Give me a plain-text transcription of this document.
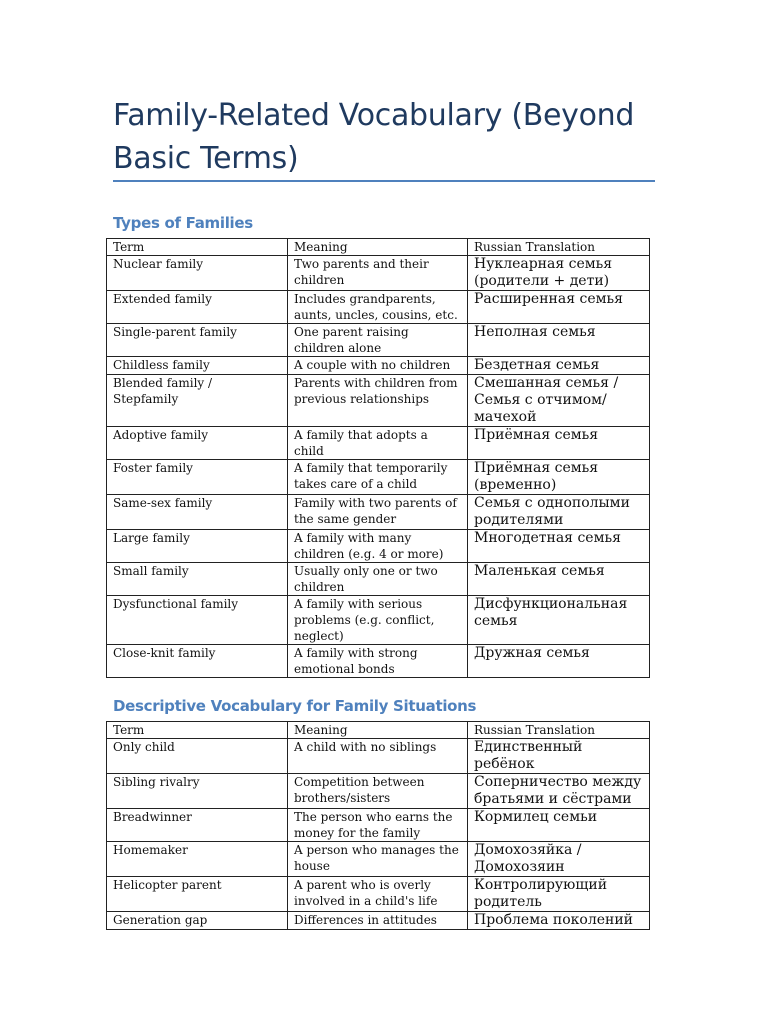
Family-Related Vocabulary (Beyond Basic Terms)
Types of Families
Term	Meaning	Russian Translation
Nuclear family	Two parents and their children	Нуклеарная семья (родители + дети)
Extended family	Includes grandparents, aunts, uncles, cousins, etc.	Расширенная семья
Single-parent family	One parent raising children alone	Неполная семья
Childless family	A couple with no children	Бездетная семья
Blended family / Stepfamily	Parents with children from previous relationships	Смешанная семья / Семья с отчимом/мачехой
Adoptive family	A family that adopts a child	Приёмная семья
Foster family	A family that temporarily takes care of a child	Приёмная семья (временно)
Same-sex family	Family with two parents of the same gender	Семья с однополыми родителями
Large family	A family with many children (e.g. 4 or more)	Многодетная семья
Small family	Usually only one or two children	Маленькая семья
Dysfunctional family	A family with serious problems (e.g. conflict, neglect)	Дисфункциональная семья
Close-knit family	A family with strong emotional bonds	Дружная семья
Descriptive Vocabulary for Family Situations
Term	Meaning	Russian Translation
Only child	A child with no siblings	Единственный ребёнок
Sibling rivalry	Competition between brothers/sisters	Соперничество между братьями и сёстрами
Breadwinner	The person who earns the money for the family	Кормилец семьи
Homemaker	A person who manages the house	Домохозяйка / Домохозяин
Helicopter parent	A parent who is overly involved in a child's life	Контролирующий родитель
Generation gap	Differences in attitudes	Проблема поколений
